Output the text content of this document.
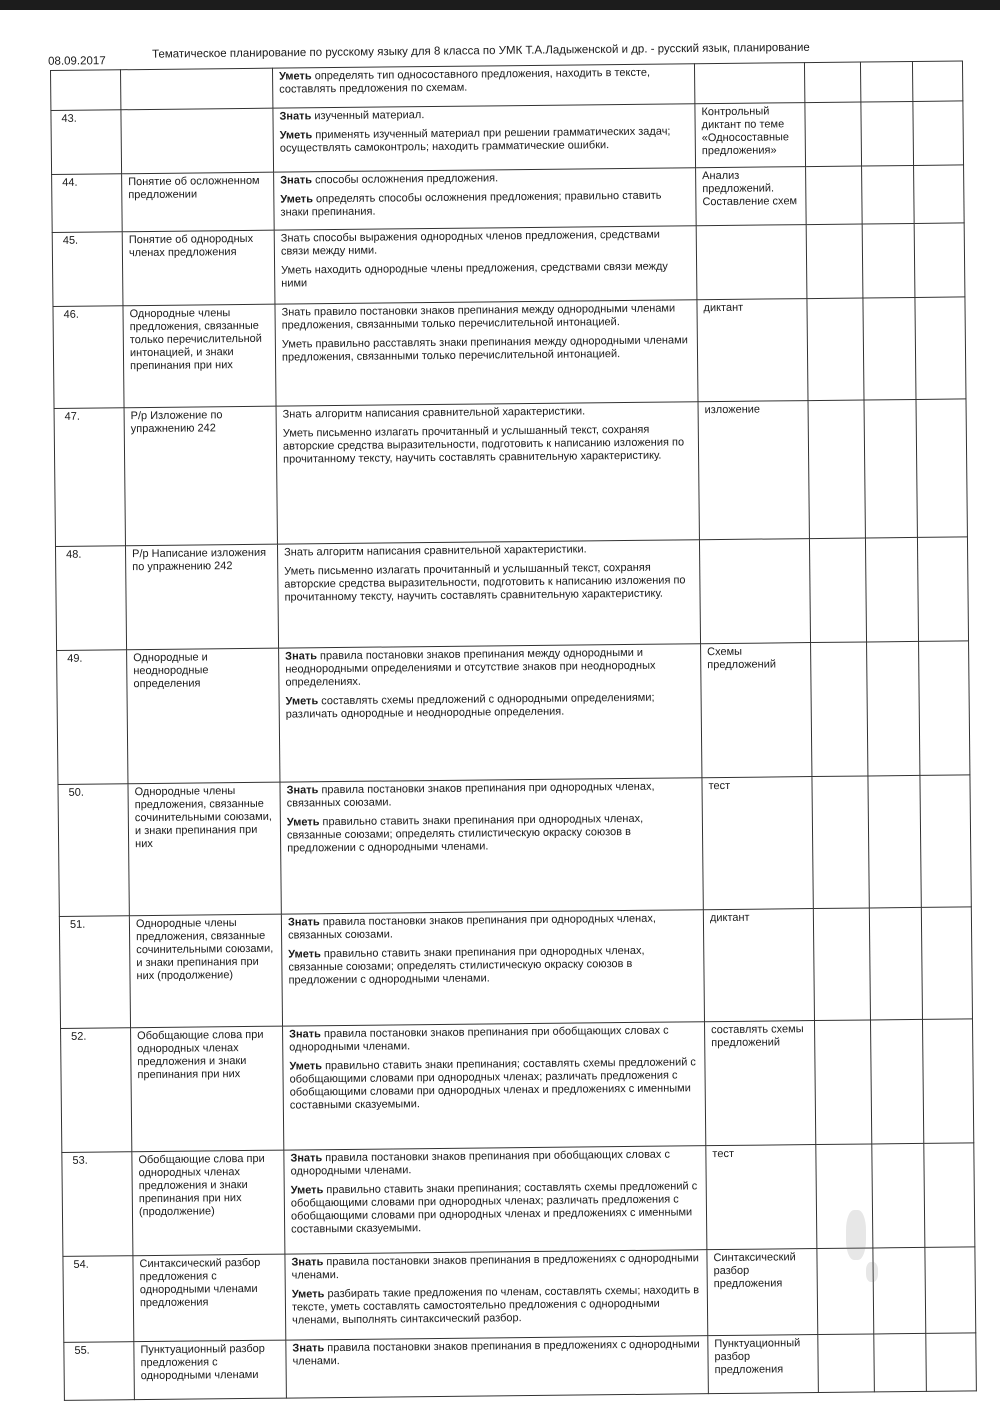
08.09.2017
Тематическое планирование по русскому языку для 8 класса по УМК Т.А.Ладыженской и др. - русский язык, планирование

		Уметь определять тип односоставного предложения, находить в тексте, составлять предложения по схемам.				

43.		Знать изученный материал.
Уметь применять изученный материал при решении грамматических задач; осуществлять самоконтроль; находить грамматические ошибки.	Контрольный диктант по теме «Односоставные предложения»			
44.	Понятие об осложненном предложении	Знать способы осложнения предложения.
Уметь определять способы осложнения предложения; правильно ставить знаки препинания.	Анализ предложений. Составление схем			
45.	Понятие об однородных членах предложения	Знать способы выражения однородных членов предложения, средствами связи между ними.
Уметь находить однородные члены предложения, средствами связи между ними				

46.	Однородные члены предложения, связанные только перечислительной интонацией, и знаки препинания при них	Знать правило постановки знаков препинания между однородными членами предложения, связанными только перечислительной интонацией.
Уметь правильно расставлять знаки препинания между однородными членами предложения, связанными только перечислительной интонацией.	диктант			
47.	Р/р Изложение по упражнению 242	Знать алгоритм написания сравнительной характеристики.
Уметь письменно излагать прочитанный и услышанный текст, сохраняя авторские средства выразительности, подготовить к написанию изложения по прочитанному тексту, научить составлять сравнительную характеристику.	изложение			
48.	Р/р Написание изложения по упражнению 242	Знать алгоритм написания сравнительной характеристики.
Уметь письменно излагать прочитанный и услышанный текст, сохраняя авторские средства выразительности, подготовить к написанию изложения по прочитанному тексту, научить составлять сравнительную характеристику.				

49.	Однородные и неоднородные определения	Знать правила постановки знаков препинания между однородными и неоднородными определениями и отсутствие знаков при неоднородных определениях.
Уметь составлять схемы предложений с однородными определениями; различать однородные и неоднородные определения.	Схемы предложений			
50.	Однородные члены предложения, связанные сочинительными союзами, и знаки препинания при них	Знать правила постановки знаков препинания при однородных членах, связанных союзами.
Уметь правильно ставить знаки препинания при однородных членах, связанные союзами; определять стилистическую окраску союзов в предложении с однородными членами.	тест			
51.	Однородные члены предложения, связанные сочинительными союзами, и знаки препинания при них (продолжение)	Знать правила постановки знаков препинания при однородных членах, связанных союзами.
Уметь правильно ставить знаки препинания при однородных членах, связанные союзами; определять стилистическую окраску союзов в предложении с однородными членами.	диктант			
52.	Обобщающие слова при однородных членах предложения и знаки препинания при них	Знать правила постановки знаков препинания при обобщающих словах с однородными членами.
Уметь правильно ставить знаки препинания; составлять схемы предложений с обобщающими словами при однородных членах; различать предложения с обобщающими словами при однородных членах и предложениях с именными составными сказуемыми.	составлять схемы предложений			
53.	Обобщающие слова при однородных членах предложения и знаки препинания при них (продолжение)	Знать правила постановки знаков препинания при обобщающих словах с однородными членами.
Уметь правильно ставить знаки препинания; составлять схемы предложений с обобщающими словами при однородных членах; различать предложения с обобщающими словами при однородных членах и предложениях с именными составными сказуемыми.	тест			
54.	Синтаксический разбор предложения с однородными членами предложения	Знать правила постановки знаков препинания в предложениях с однородными членами.
Уметь разбирать такие предложения по членам, составлять схемы; находить в тексте, уметь составлять самостоятельно предложения с однородными членами, выполнять синтаксический разбор.	Синтаксический разбор предложения			
55.	Пунктуационный разбор предложения с однородными членами	Знать правила постановки знаков препинания в предложениях с однородными членами.	Пунктуационный разбор предложения			
